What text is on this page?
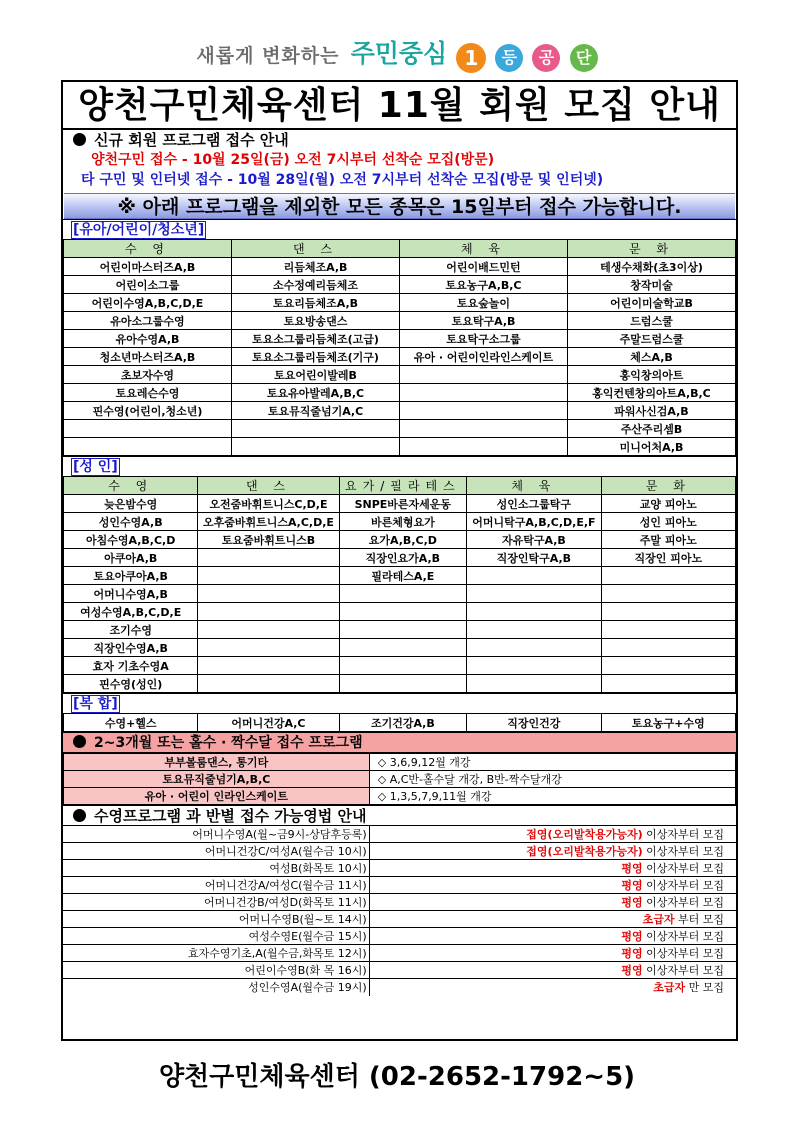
새롭게 변화하는 주민중심 1 등 공 단
양천구민체육센터 11월 회원 모집 안내
신규 회원 프로그램 접수 안내
양천구민 접수 - 10월 25일(금) 오전 7시부터 선착순 모집(방문)
타 구민 및 인터넷 접수 - 10월 28일(월) 오전 7시부터 선착순 모집(방문 및 인터넷)
※ 아래 프로그램을 제외한 모든 종목은 15일부터 접수 가능합니다.
[유아/어린이/청소년]
수 영	댄 스	체 육	문 화
어린이마스터즈A,B	리듬체조A,B	어린이배드민턴	테생수채화(초3이상)
어린이소그룹	소수정예리듬체조	토요농구A,B,C	창작미술
어린이수영A,B,C,D,E	토요리듬체조A,B	토요숲놀이	어린이미술학교B
유아소그룹수영	토요방송댄스	토요탁구A,B	드럼스쿨
유아수영A,B	토요소그룹리듬체조(고급)	토요탁구소그룹	주말드럼스쿨
청소년마스터즈A,B	토요소그룹리듬체조(기구)	유아 · 어린이인라인스케이트	체스A,B
초보자수영	토요어린이발레B		홍익창의아트
토요레슨수영	토요유아발레A,B,C		홍익컨텐창의아트A,B,C
핀수영(어린이,청소년)	토요뮤직줄넘기A,C		파워사신검A,B
			주산주리셈B
			미니어처A,B
[성 인]
수 영	댄 스	요가/필라테스	체 육	문 화
늦은밤수영	오전줌바휘트니스C,D,E	SNPE바른자세운동	성인소그룹탁구	교양 피아노
성인수영A,B	오후줌바휘트니스A,C,D,E	바른체형요가	어머니탁구A,B,C,D,E,F	성인 피아노
아침수영A,B,C,D	토요줌바휘트니스B	요가A,B,C,D	자유탁구A,B	주말 피아노
아쿠아A,B		직장인요가A,B	직장인탁구A,B	직장인 피아노
토요아쿠아A,B		필라테스A,E		
어머니수영A,B				
여성수영A,B,C,D,E				
조기수영				
직장인수영A,B				
효자 기초수영A				
핀수영(성인)				
[복 합]
수영+헬스	어머니건강A,C	조기건강A,B	직장인건강	토요농구+수영
2~3개월 또는 홀수 · 짝수달 접수 프로그램
부부볼룸댄스, 통기타	◇ 3,6,9,12월 개강
토요뮤직줄넘기A,B,C	◇ A,C반-홀수달 개강, B반-짝수달개강
유아 · 어린이 인라인스케이트	◇ 1,3,5,7,9,11월 개강
수영프로그램 과 반별 접수 가능영법 안내
어머니수영A(월~금9시-상담후등록)	접영(오리발착용가능자) 이상자부터 모집
어머니건강C/여성A(월수금 10시)	접영(오리발착용가능자) 이상자부터 모집
여성B(화목토 10시)	평영 이상자부터 모집
어머니건강A/여성C(월수금 11시)	평영 이상자부터 모집
어머니건강B/여성D(화목토 11시)	평영 이상자부터 모집
어머니수영B(월~토 14시)	초급자 부터 모집
여성수영E(월수금 15시)	평영 이상자부터 모집
효자수영기초,A(월수금,화목토 12시)	평영 이상자부터 모집
어린이수영B(화 목 16시)	평영 이상자부터 모집
성인수영A(월수금 19시)	초급자 만 모집
양천구민체육센터 (02-2652-1792~5)
